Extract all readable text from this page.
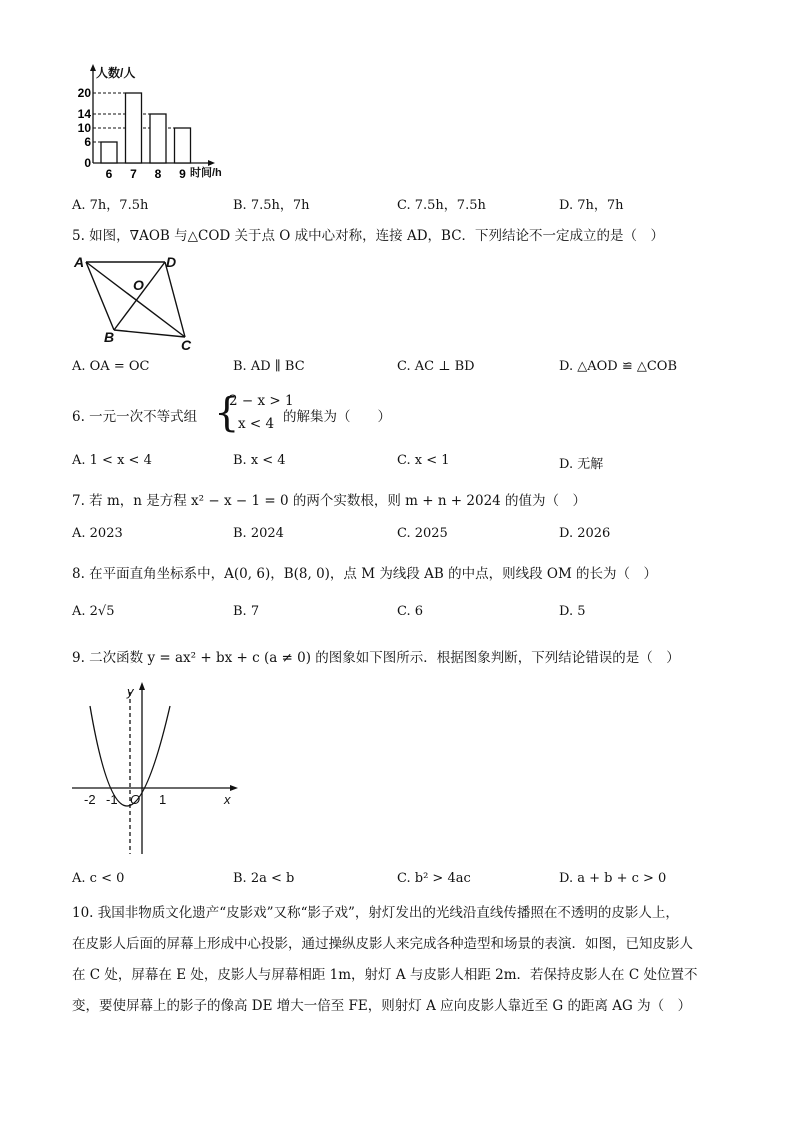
6 7 8 9
0
6
10
14
20
人数/人
时间/h
A. 7h，7.5h	B. 7.5h，7h	C. 7.5h，7.5h	D. 7h，7h
5. 如图，∇AOB 与△COD 关于点 O 成中心对称，连接 AD，BC．下列结论不一定成立的是（　）
A	D
O
B	C
A. OA = OC	B. AD ∥ BC	C. AC ⊥ BD	D. △AOD ≌ △COB
6. 一元一次不等式组 {
2 − x > 1
x < 4 的解集为（　　）
A. 1 < x < 4	B. x < 4	C. x < 1	D. 无解
7. 若 m，n 是方程 x² − x − 1 = 0 的两个实数根，则 m + n + 2024 的值为（　）
A. 2023	B. 2024	C. 2025	D. 2026
8. 在平面直角坐标系中，A(0, 6)，B(8, 0)，点 M 为线段 AB 的中点，则线段 OM 的长为（　）
A. 2√5	B. 7	C. 6	D. 5
9. 二次函数 y = ax² + bx + c (a ≠ 0) 的图象如下图所示．根据图象判断，下列结论错误的是（　）
y
x
O
-2 -1	1
A. c < 0	B. 2a < b	C. b² > 4ac	D. a + b + c > 0
10. 我国非物质文化遗产“皮影戏”又称“影子戏”，射灯发出的光线沿直线传播照在不透明的皮影人上，
在皮影人后面的屏幕上形成中心投影，通过操纵皮影人来完成各种造型和场景的表演．如图，已知皮影人
在 C 处，屏幕在 E 处，皮影人与屏幕相距 1m，射灯 A 与皮影人相距 2m．若保持皮影人在 C 处位置不
变，要使屏幕上的影子的像高 DE 增大一倍至 FE，则射灯 A 应向皮影人靠近至 G 的距离 AG 为（　）
